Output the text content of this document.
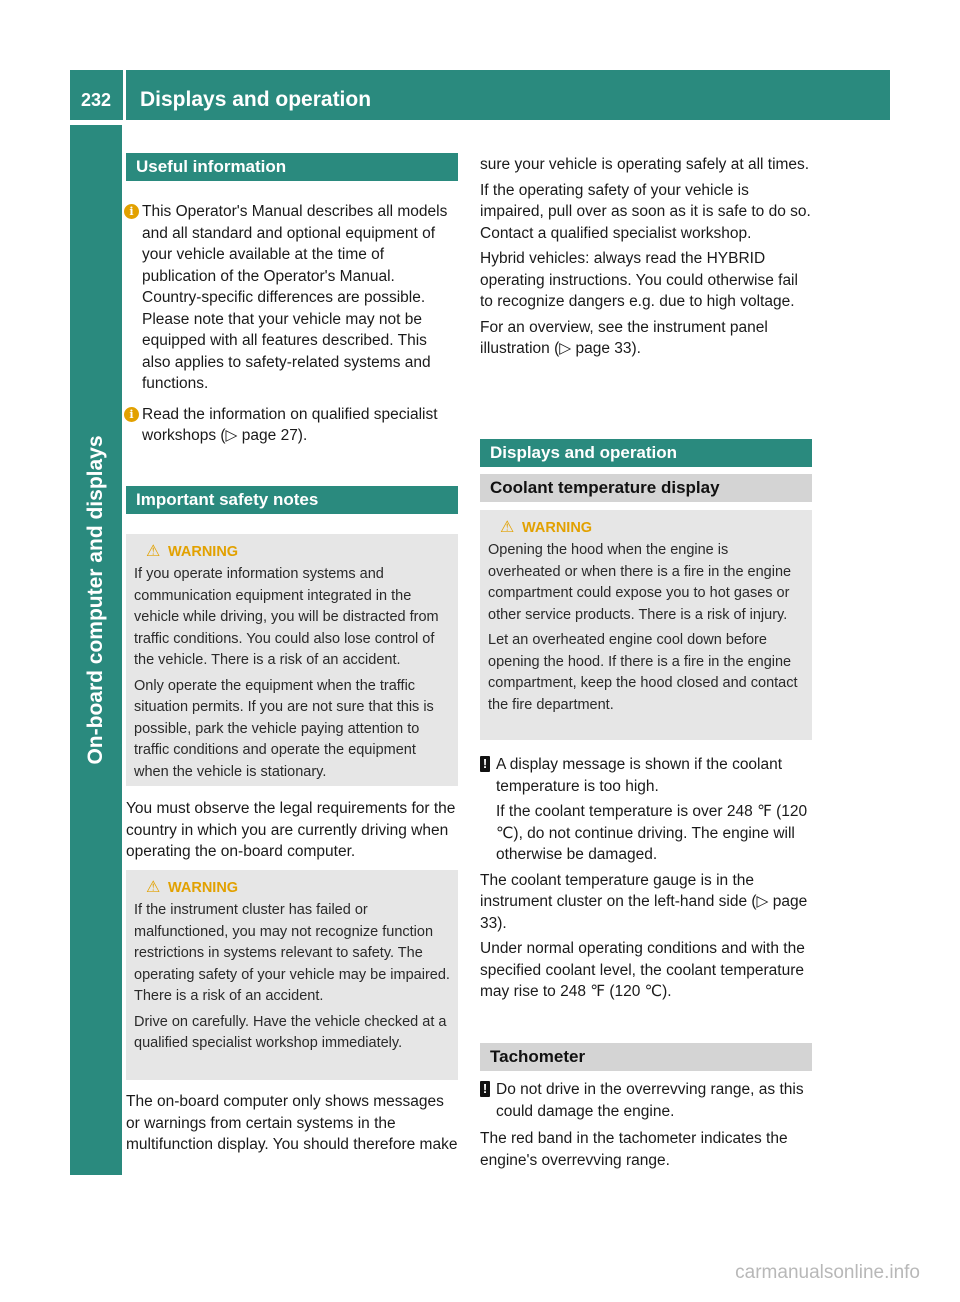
232	Displays and operation
On-board computer and displays
Useful information
i This Operator's Manual describes all models and all standard and optional equipment of your vehicle available at the time of publication of the Operator's Manual. Country-specific differences are possible. Please note that your vehicle may not be equipped with all features described. This also applies to safety-related systems and functions.

i Read the information on qualified specialist workshops (▷ page 27).

Important safety notes
⚠ WARNING

If you operate information systems and communication equipment integrated in the vehicle while driving, you will be distracted from traffic conditions. You could also lose control of the vehicle. There is a risk of an accident.

Only operate the equipment when the traffic situation permits. If you are not sure that this is possible, park the vehicle paying attention to traffic conditions and operate the equipment when the vehicle is stationary.

You must observe the legal requirements for the country in which you are currently driving when operating the on-board computer.

⚠ WARNING

If the instrument cluster has failed or malfunctioned, you may not recognize function restrictions in systems relevant to safety. The operating safety of your vehicle may be impaired. There is a risk of an accident.

Drive on carefully. Have the vehicle checked at a qualified specialist workshop immediately.

The on-board computer only shows messages or warnings from certain systems in the multifunction display. You should therefore make

sure your vehicle is operating safely at all times.

If the operating safety of your vehicle is impaired, pull over as soon as it is safe to do so. Contact a qualified specialist workshop.

Hybrid vehicles: always read the HYBRID operating instructions. You could otherwise fail to recognize dangers e.g. due to high voltage.

For an overview, see the instrument panel illustration (▷ page 33).

Displays and operation
Coolant temperature display
⚠ WARNING

Opening the hood when the engine is overheated or when there is a fire in the engine compartment could expose you to hot gases or other service products. There is a risk of injury.

Let an overheated engine cool down before opening the hood. If there is a fire in the engine compartment, keep the hood closed and contact the fire department.

! A display message is shown if the coolant temperature is too high.

If the coolant temperature is over 248 ℉ (120 ℃), do not continue driving. The engine will otherwise be damaged.

The coolant temperature gauge is in the instrument cluster on the left-hand side (▷ page 33).

Under normal operating conditions and with the specified coolant level, the coolant temperature may rise to 248 ℉ (120 ℃).

Tachometer
! Do not drive in the overrevving range, as this could damage the engine.

The red band in the tachometer indicates the engine's overrevving range.

carmanualsonline.info
